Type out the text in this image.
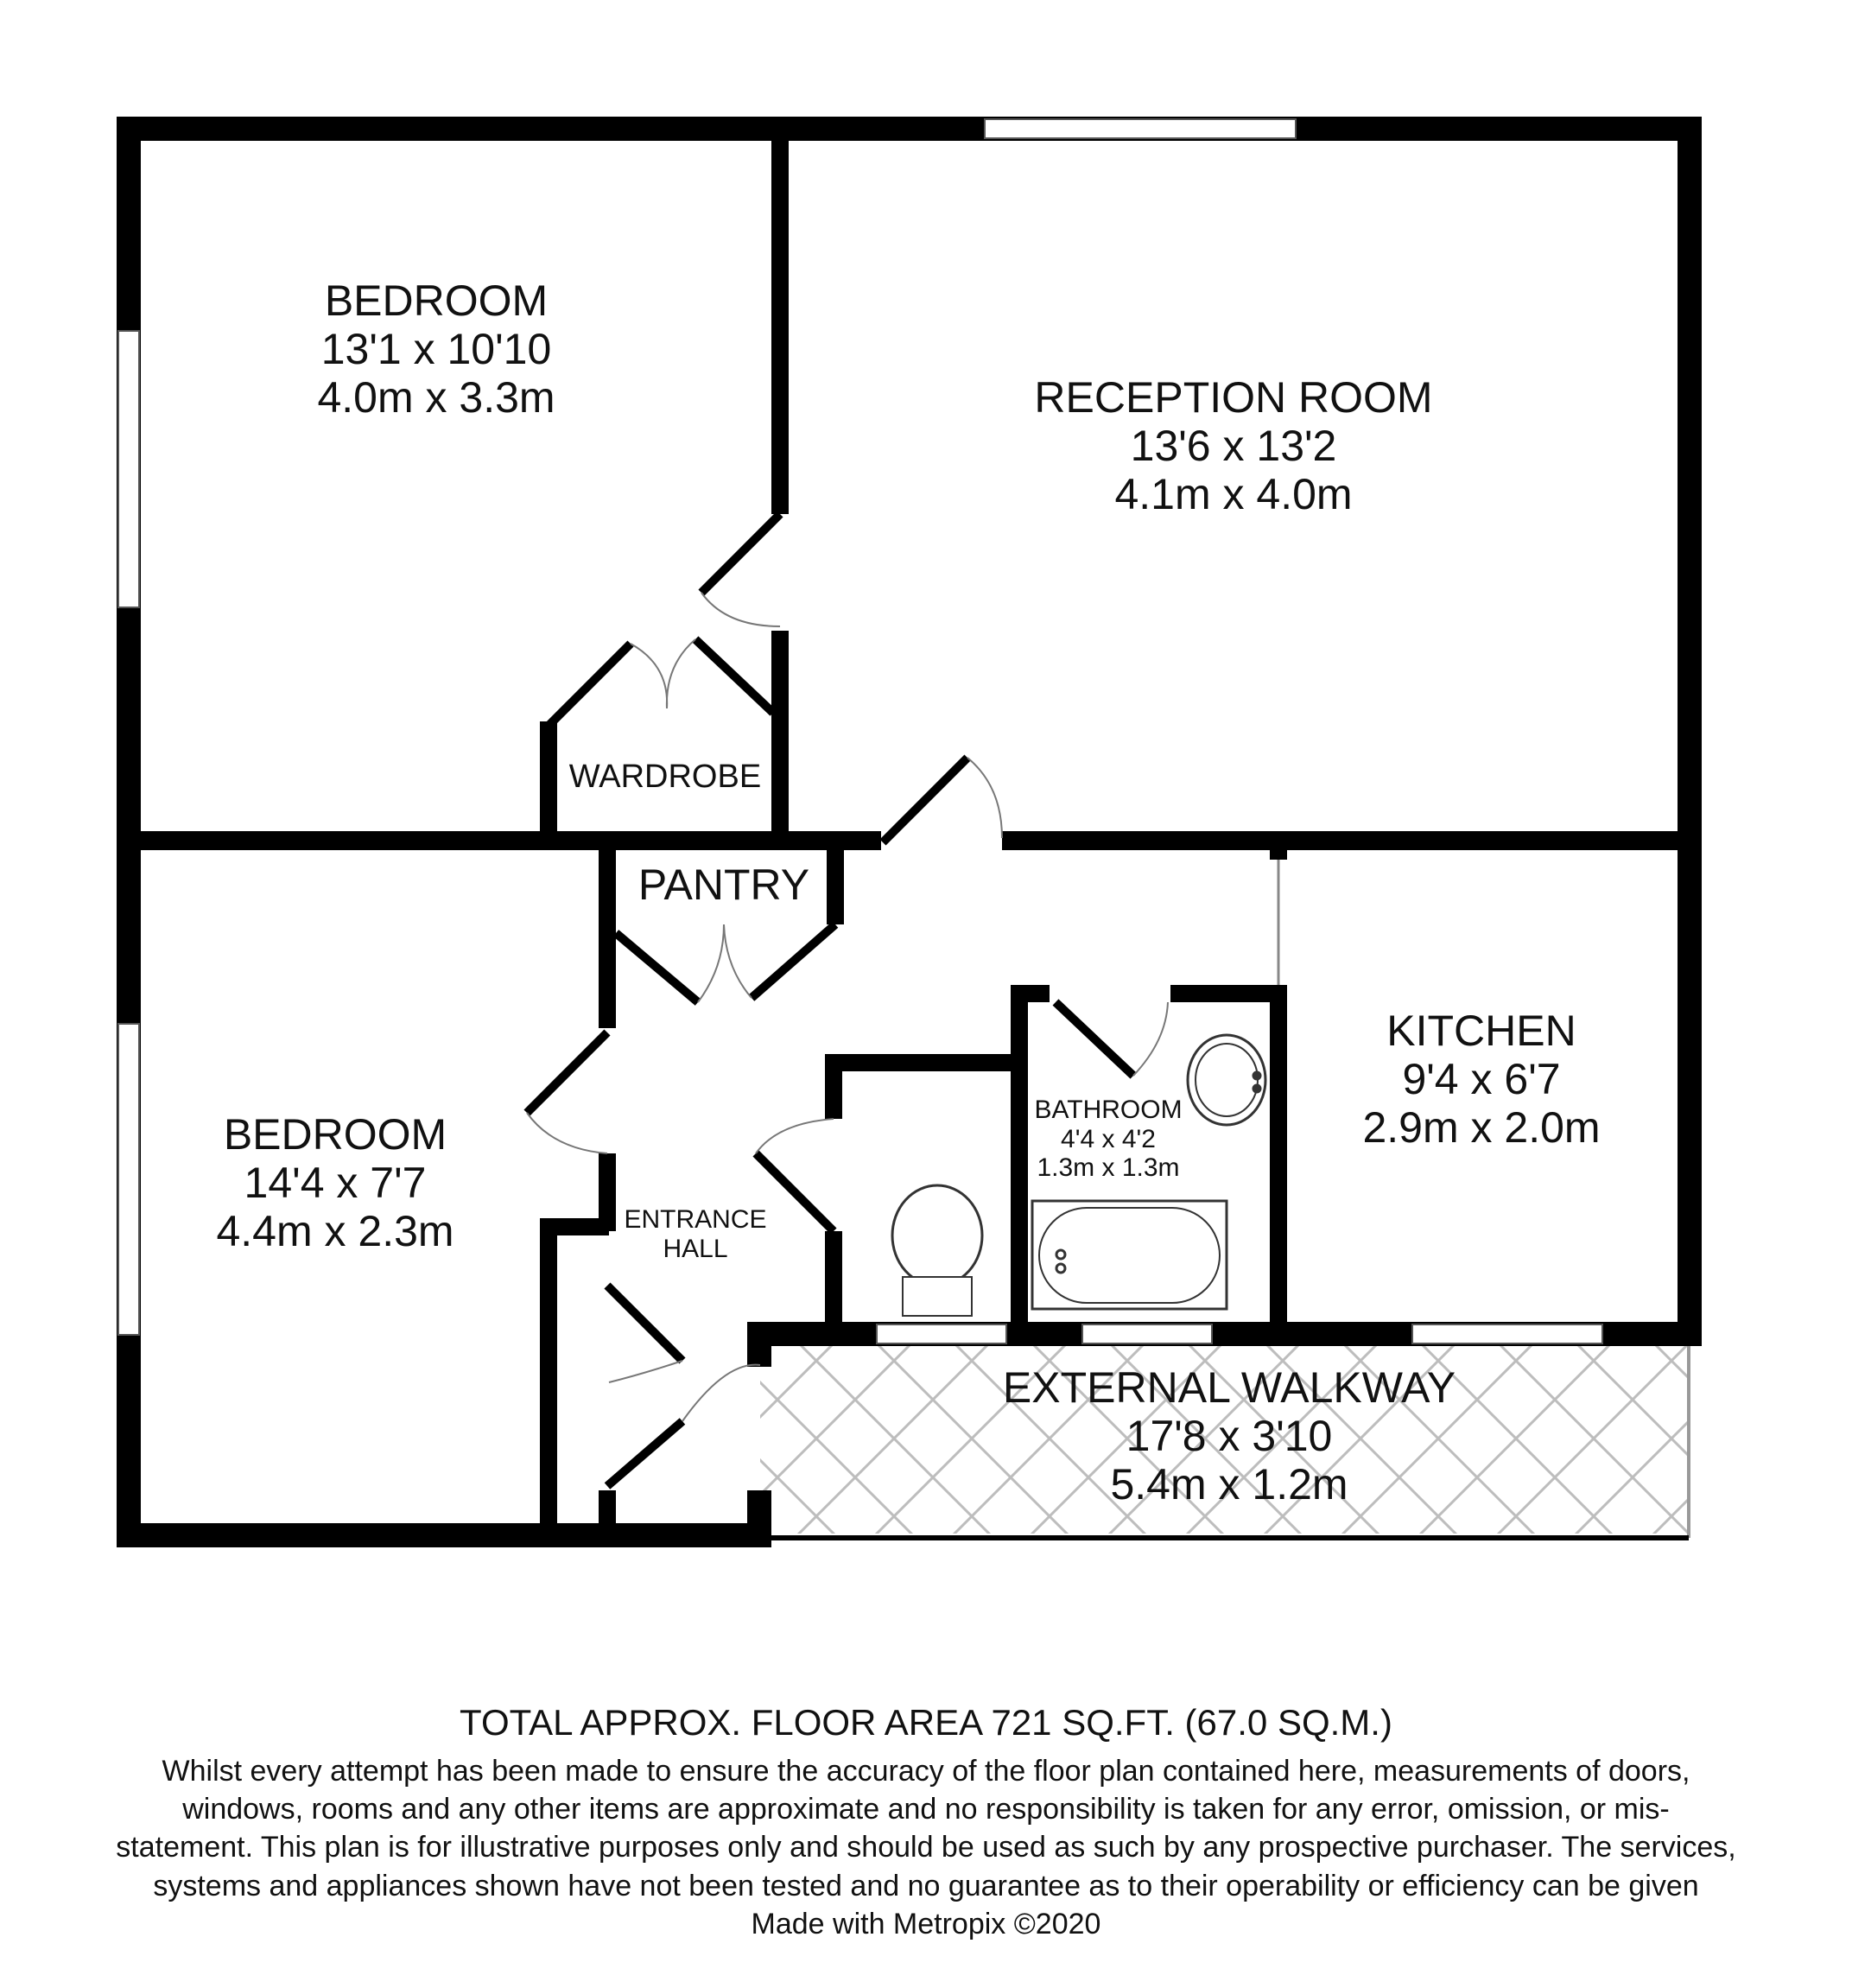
BEDROOM
13'1 x 10'10
4.0m x 3.3m	RECEPTION ROOM
13'6 x 13'2
4.1m x 4.0m
WARDROBE
PANTRY
BEDROOM
14'4 x 7'7
4.4m x 2.3m	ENTRANCE
HALL
BATHROOM
4'4 x 4'2
1.3m x 1.3m
KITCHEN
9'4 x 6'7
2.9m x 2.0m
EXTERNAL WALKWAY
17'8 x 3'10
5.4m x 1.2m
TOTAL APPROX. FLOOR AREA 721 SQ.FT. (67.0 SQ.M.)
Whilst every attempt has been made to ensure the accuracy of the floor plan contained here, measurements of doors, windows, rooms and any other items are approximate and no responsibility is taken for any error, omission, or mis-statement. This plan is for illustrative purposes only and should be used as such by any prospective purchaser. The services, systems and appliances shown have not been tested and no guarantee as to their operability or efficiency can be given
Made with Metropix ©2020
